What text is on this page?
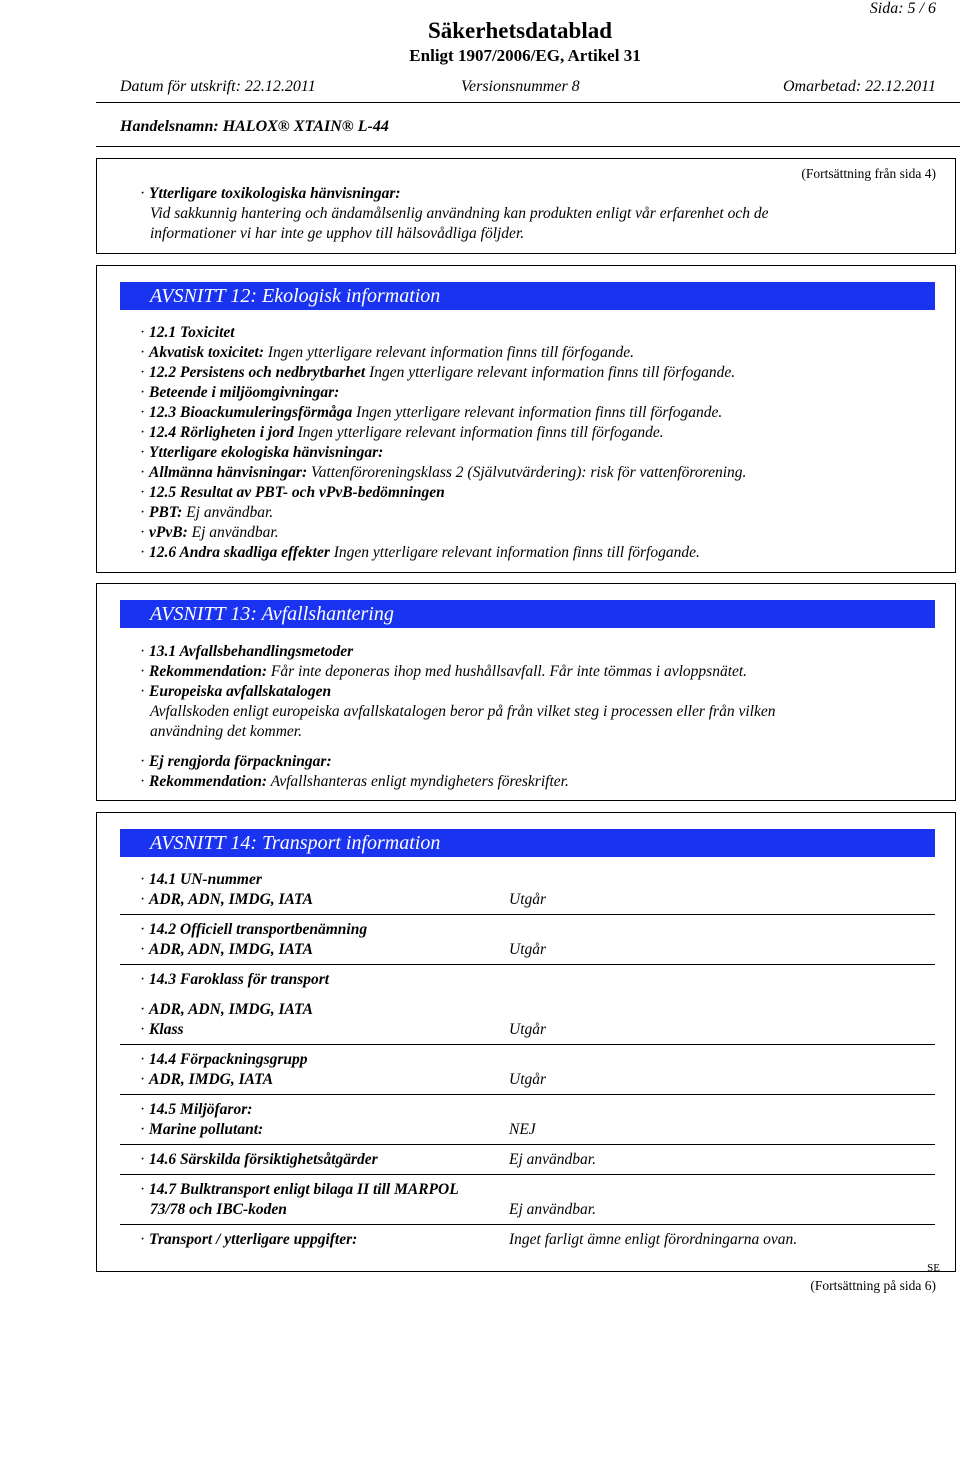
Sida: 5 / 6
Säkerhetsdatablad
Enligt 1907/2006/EG, Artikel 31
Datum för utskrift: 22.12.2011	Versionsnummer 8	Omarbetad: 22.12.2011
Handelsnamn: HALOX® XTAIN® L-44
(Fortsättning från sida 4)
· Ytterligare toxikologiska hänvisningar:
Vid sakkunnig hantering och ändamålsenlig användning kan produkten enligt vår erfarenhet och de
informationer vi har inte ge upphov till hälsovådliga följder.
AVSNITT 12: Ekologisk information
· 12.1 Toxicitet
· Akvatisk toxicitet: Ingen ytterligare relevant information finns till förfogande.
· 12.2 Persistens och nedbrytbarhet Ingen ytterligare relevant information finns till förfogande.
· Beteende i miljöomgivningar:
· 12.3 Bioackumuleringsförmåga Ingen ytterligare relevant information finns till förfogande.
· 12.4 Rörligheten i jord Ingen ytterligare relevant information finns till förfogande.
· Ytterligare ekologiska hänvisningar:
· Allmänna hänvisningar: Vattenföroreningsklass 2 (Självutvärdering): risk för vattenförorening.
· 12.5 Resultat av PBT- och vPvB-bedömningen
· PBT: Ej användbar.
· vPvB: Ej användbar.
· 12.6 Andra skadliga effekter Ingen ytterligare relevant information finns till förfogande.
AVSNITT 13: Avfallshantering
· 13.1 Avfallsbehandlingsmetoder
· Rekommendation: Får inte deponeras ihop med hushållsavfall. Får inte tömmas i avloppsnätet.
· Europeiska avfallskatalogen
Avfallskoden enligt europeiska avfallskatalogen beror på från vilket steg i processen eller från vilken
användning det kommer.
· Ej rengjorda förpackningar:
· Rekommendation: Avfallshanteras enligt myndigheters föreskrifter.
AVSNITT 14: Transport information
· 14.1 UN-nummer
· ADR, ADN, IMDG, IATA	Utgår
· 14.2 Officiell transportbenämning
· ADR, ADN, IMDG, IATA	Utgår
· 14.3 Faroklass för transport
· ADR, ADN, IMDG, IATA
· Klass	Utgår
· 14.4 Förpackningsgrupp
· ADR, IMDG, IATA	Utgår
· 14.5 Miljöfaror:
· Marine pollutant:	NEJ
· 14.6 Särskilda försiktighetsåtgärder	Ej användbar.
· 14.7 Bulktransport enligt bilaga II till MARPOL
73/78 och IBC-koden	Ej användbar.
· Transport / ytterligare uppgifter:	Inget farligt ämne enligt förordningarna ovan.
SE
(Fortsättning på sida 6)
